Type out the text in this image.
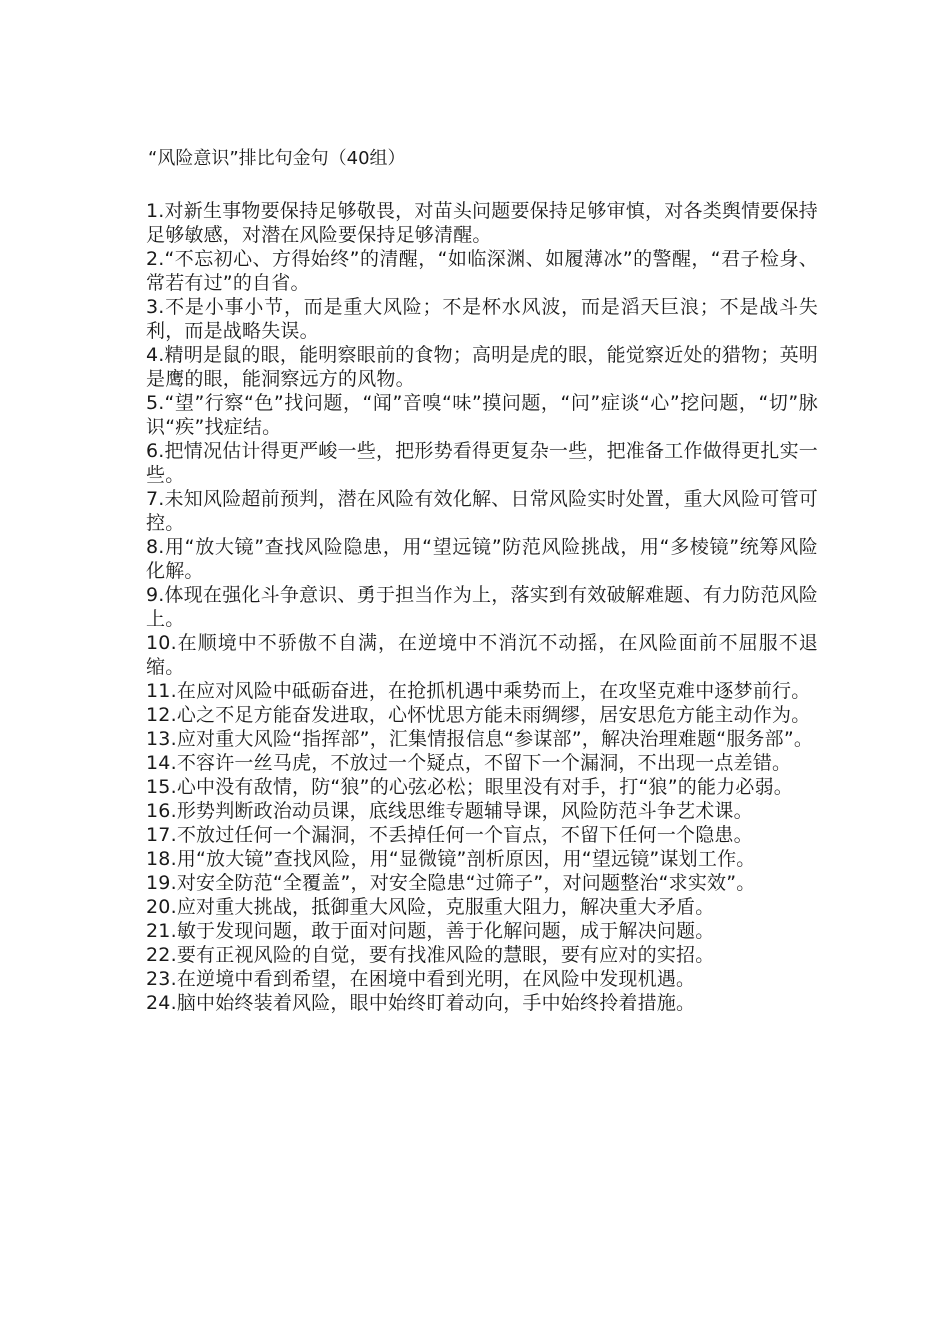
“风险意识”排比句金句（40组）
1.对新生事物要保持足够敬畏，对苗头问题要保持足够审慎，对各类舆情要保持足够敏感，对潜在风险要保持足够清醒。
2.“不忘初心、方得始终”的清醒，“如临深渊、如履薄冰”的警醒，“君子检身、常若有过”的自省。
3.不是小事小节，而是重大风险；不是杯水风波，而是滔天巨浪；不是战斗失利，而是战略失误。
4.精明是鼠的眼，能明察眼前的食物；高明是虎的眼，能觉察近处的猎物；英明是鹰的眼，能洞察远方的风物。
5.“望”行察“色”找问题，“闻”音嗅“味”摸问题，“问”症谈“心”挖问题，“切”脉识“疾”找症结。
6.把情况估计得更严峻一些，把形势看得更复杂一些，把准备工作做得更扎实一些。
7.未知风险超前预判，潜在风险有效化解、日常风险实时处置，重大风险可管可控。
8.用“放大镜”查找风险隐患，用“望远镜”防范风险挑战，用“多棱镜”统筹风险化解。
9.体现在强化斗争意识、勇于担当作为上，落实到有效破解难题、有力防范风险上。
10.在顺境中不骄傲不自满，在逆境中不消沉不动摇，在风险面前不屈服不退缩。
11.在应对风险中砥砺奋进，在抢抓机遇中乘势而上，在攻坚克难中逐梦前行。
12.心之不足方能奋发进取，心怀忧思方能未雨绸缪，居安思危方能主动作为。
13.应对重大风险“指挥部”，汇集情报信息“参谋部”，解决治理难题“服务部”。
14.不容许一丝马虎，不放过一个疑点，不留下一个漏洞，不出现一点差错。
15.心中没有敌情，防“狼”的心弦必松；眼里没有对手，打“狼”的能力必弱。
16.形势判断政治动员课，底线思维专题辅导课，风险防范斗争艺术课。
17.不放过任何一个漏洞，不丢掉任何一个盲点，不留下任何一个隐患。
18.用“放大镜”查找风险，用“显微镜”剖析原因，用“望远镜”谋划工作。
19.对安全防范“全覆盖”，对安全隐患“过筛子”，对问题整治“求实效”。
20.应对重大挑战，抵御重大风险，克服重大阻力，解决重大矛盾。
21.敏于发现问题，敢于面对问题，善于化解问题，成于解决问题。
22.要有正视风险的自觉，要有找准风险的慧眼，要有应对的实招。
23.在逆境中看到希望，在困境中看到光明，在风险中发现机遇。
24.脑中始终装着风险，眼中始终盯着动向，手中始终拎着措施。
